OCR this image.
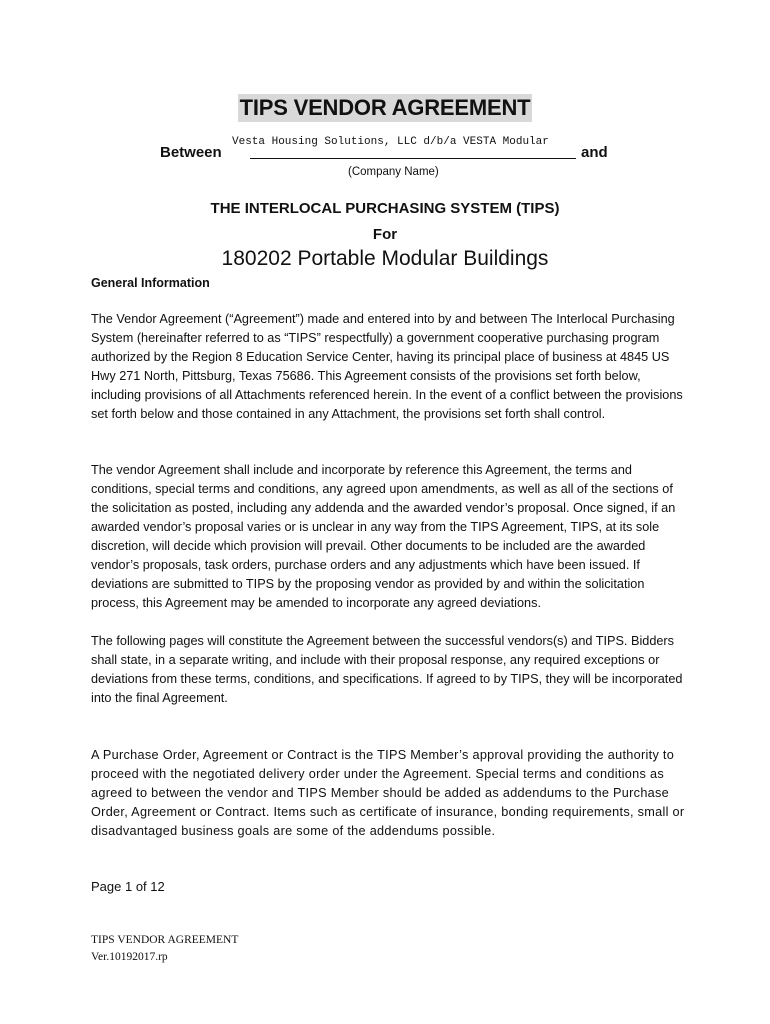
TIPS VENDOR AGREEMENT
Between
Vesta Housing Solutions, LLC d/b/a VESTA Modular
and
(Company Name)
THE INTERLOCAL PURCHASING SYSTEM (TIPS)
For
180202 Portable Modular Buildings
General Information

The Vendor Agreement (“Agreement”) made and entered into by and between The Interlocal Purchasing System (hereinafter referred to as “TIPS” respectfully) a government cooperative purchasing program authorized by the Region 8 Education Service Center, having its principal place of business at 4845 US Hwy 271 North, Pittsburg, Texas 75686. This Agreement consists of the provisions set forth below, including provisions of all Attachments referenced herein. In the event of a conflict between the provisions set forth below and those contained in any Attachment, the provisions set forth shall control.

The vendor Agreement shall include and incorporate by reference this Agreement, the terms and conditions, special terms and conditions, any agreed upon amendments, as well as all of the sections of the solicitation as posted, including any addenda and the awarded vendor’s proposal. Once signed, if an awarded vendor’s proposal varies or is unclear in any way from the TIPS Agreement, TIPS, at its sole discretion, will decide which provision will prevail. Other documents to be included are the awarded vendor’s proposals, task orders, purchase orders and any adjustments which have been issued. If deviations are submitted to TIPS by the proposing vendor as provided by and within the solicitation process, this Agreement may be amended to incorporate any agreed deviations.

The following pages will constitute the Agreement between the successful vendors(s) and TIPS. Bidders shall state, in a separate writing, and include with their proposal response, any required exceptions or deviations from these terms, conditions, and specifications. If agreed to by TIPS, they will be incorporated into the final Agreement.

A Purchase Order, Agreement or Contract is the TIPS Member’s approval providing the authority to proceed with the negotiated delivery order under the Agreement. Special terms and conditions as agreed to between the vendor and TIPS Member should be added as addendums to the Purchase Order, Agreement or Contract. Items such as certificate of insurance, bonding requirements, small or disadvantaged business goals are some of the addendums possible.

Page 1 of 12
TIPS VENDOR AGREEMENT
Ver.10192017.rp
